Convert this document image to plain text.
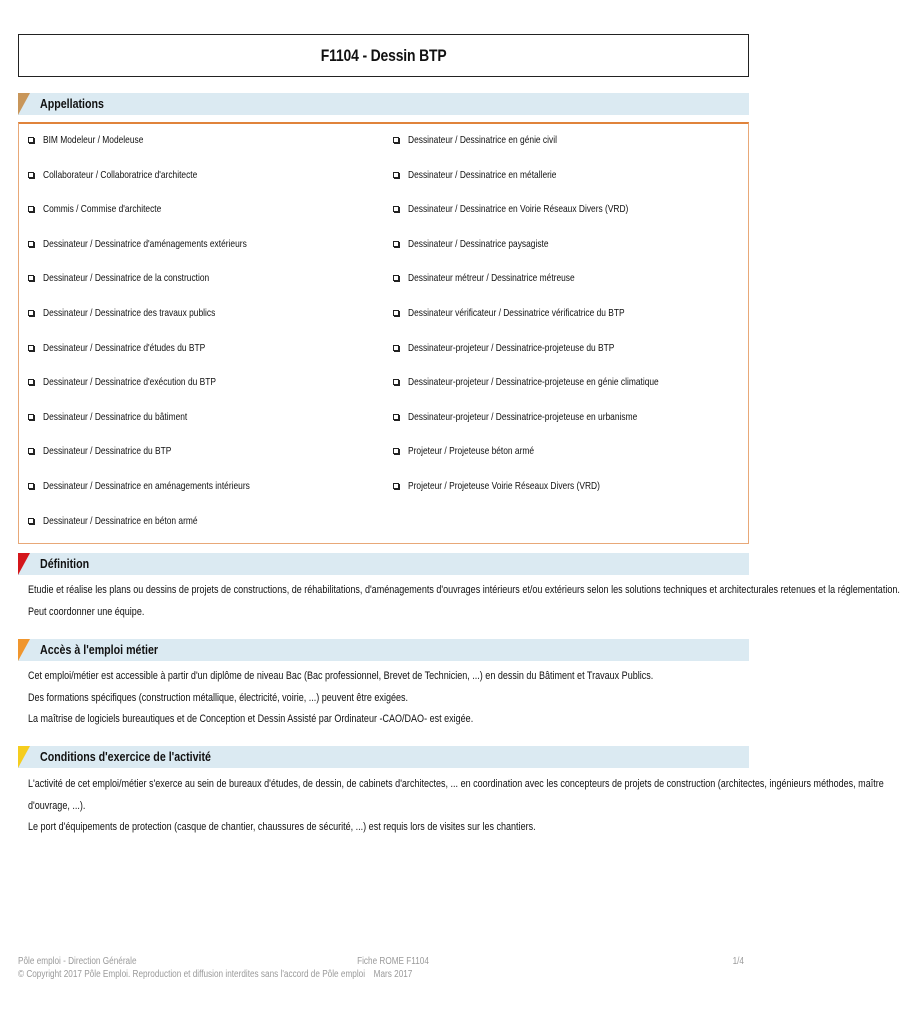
F1104 - Dessin BTP
Appellations
BIM Modeleur / Modeleuse
Collaborateur / Collaboratrice d'architecte
Commis / Commise d'architecte
Dessinateur / Dessinatrice d'aménagements extérieurs
Dessinateur / Dessinatrice de la construction
Dessinateur / Dessinatrice des travaux publics
Dessinateur / Dessinatrice d'études du BTP
Dessinateur / Dessinatrice d'exécution du BTP
Dessinateur / Dessinatrice du bâtiment
Dessinateur / Dessinatrice du BTP
Dessinateur / Dessinatrice en aménagements intérieurs
Dessinateur / Dessinatrice en béton armé
Dessinateur / Dessinatrice en génie civil
Dessinateur / Dessinatrice en métallerie
Dessinateur / Dessinatrice en Voirie Réseaux Divers (VRD)
Dessinateur / Dessinatrice paysagiste
Dessinateur métreur / Dessinatrice métreuse
Dessinateur vérificateur / Dessinatrice vérificatrice du BTP
Dessinateur-projeteur / Dessinatrice-projeteuse du BTP
Dessinateur-projeteur / Dessinatrice-projeteuse en génie climatique
Dessinateur-projeteur / Dessinatrice-projeteuse en urbanisme
Projeteur / Projeteuse béton armé
Projeteur / Projeteuse Voirie Réseaux Divers (VRD)
Définition

Etudie et réalise les plans ou dessins de projets de constructions, de réhabilitations, d'aménagements d'ouvrages intérieurs et/ou extérieurs selon les solutions techniques et architecturales retenues et la réglementation.

Peut coordonner une équipe.

Accès à l'emploi métier

Cet emploi/métier est accessible à partir d'un diplôme de niveau Bac (Bac professionnel, Brevet de Technicien, ...) en dessin du Bâtiment et Travaux Publics.

Des formations spécifiques (construction métallique, électricité, voirie, ...) peuvent être exigées.

La maîtrise de logiciels bureautiques et de Conception et Dessin Assisté par Ordinateur -CAO/DAO- est exigée.

Conditions d'exercice de l'activité

L'activité de cet emploi/métier s'exerce au sein de bureaux d'études, de dessin, de cabinets d'architectes, ... en coordination avec les concepteurs de projets de construction (architectes, ingénieurs méthodes, maître

d'ouvrage, ...).

Le port d'équipements de protection (casque de chantier, chaussures de sécurité, ...) est requis lors de visites sur les chantiers.

Pôle emploi - Direction Générale
© Copyright 2017 Pôle Emploi. Reproduction et diffusion interdites sans l'accord de Pôle emploi
Fiche ROME F1104
Mars 2017
1/4
